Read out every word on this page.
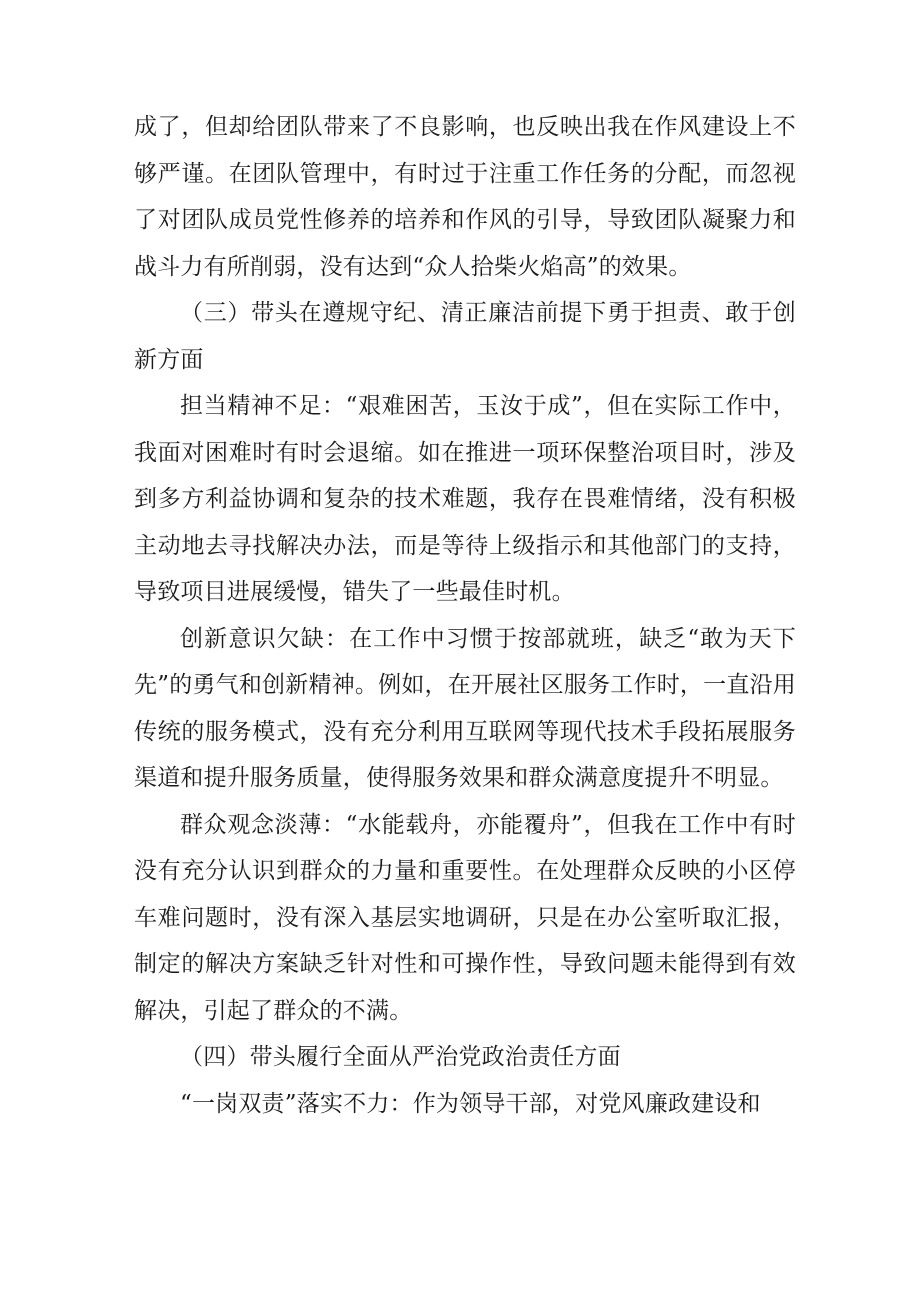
成了，但却给团队带来了不良影响，也反映出我在作风建设上不够严谨。在团队管理中，有时过于注重工作任务的分配，而忽视了对团队成员党性修养的培养和作风的引导，导致团队凝聚力和战斗力有所削弱，没有达到“众人拾柴火焰高”的效果。

（三）带头在遵规守纪、清正廉洁前提下勇于担责、敢于创新方面

担当精神不足：“艰难困苦，玉汝于成”，但在实际工作中，我面对困难时有时会退缩。如在推进一项环保整治项目时，涉及到多方利益协调和复杂的技术难题，我存在畏难情绪，没有积极主动地去寻找解决办法，而是等待上级指示和其他部门的支持，导致项目进展缓慢，错失了一些最佳时机。

创新意识欠缺：在工作中习惯于按部就班，缺乏“敢为天下先”的勇气和创新精神。例如，在开展社区服务工作时，一直沿用传统的服务模式，没有充分利用互联网等现代技术手段拓展服务渠道和提升服务质量，使得服务效果和群众满意度提升不明显。

群众观念淡薄：“水能载舟，亦能覆舟”，但我在工作中有时没有充分认识到群众的力量和重要性。在处理群众反映的小区停车难问题时，没有深入基层实地调研，只是在办公室听取汇报，制定的解决方案缺乏针对性和可操作性，导致问题未能得到有效解决，引起了群众的不满。

（四）带头履行全面从严治党政治责任方面

“一岗双责”落实不力：作为领导干部，对党风廉政建设和
